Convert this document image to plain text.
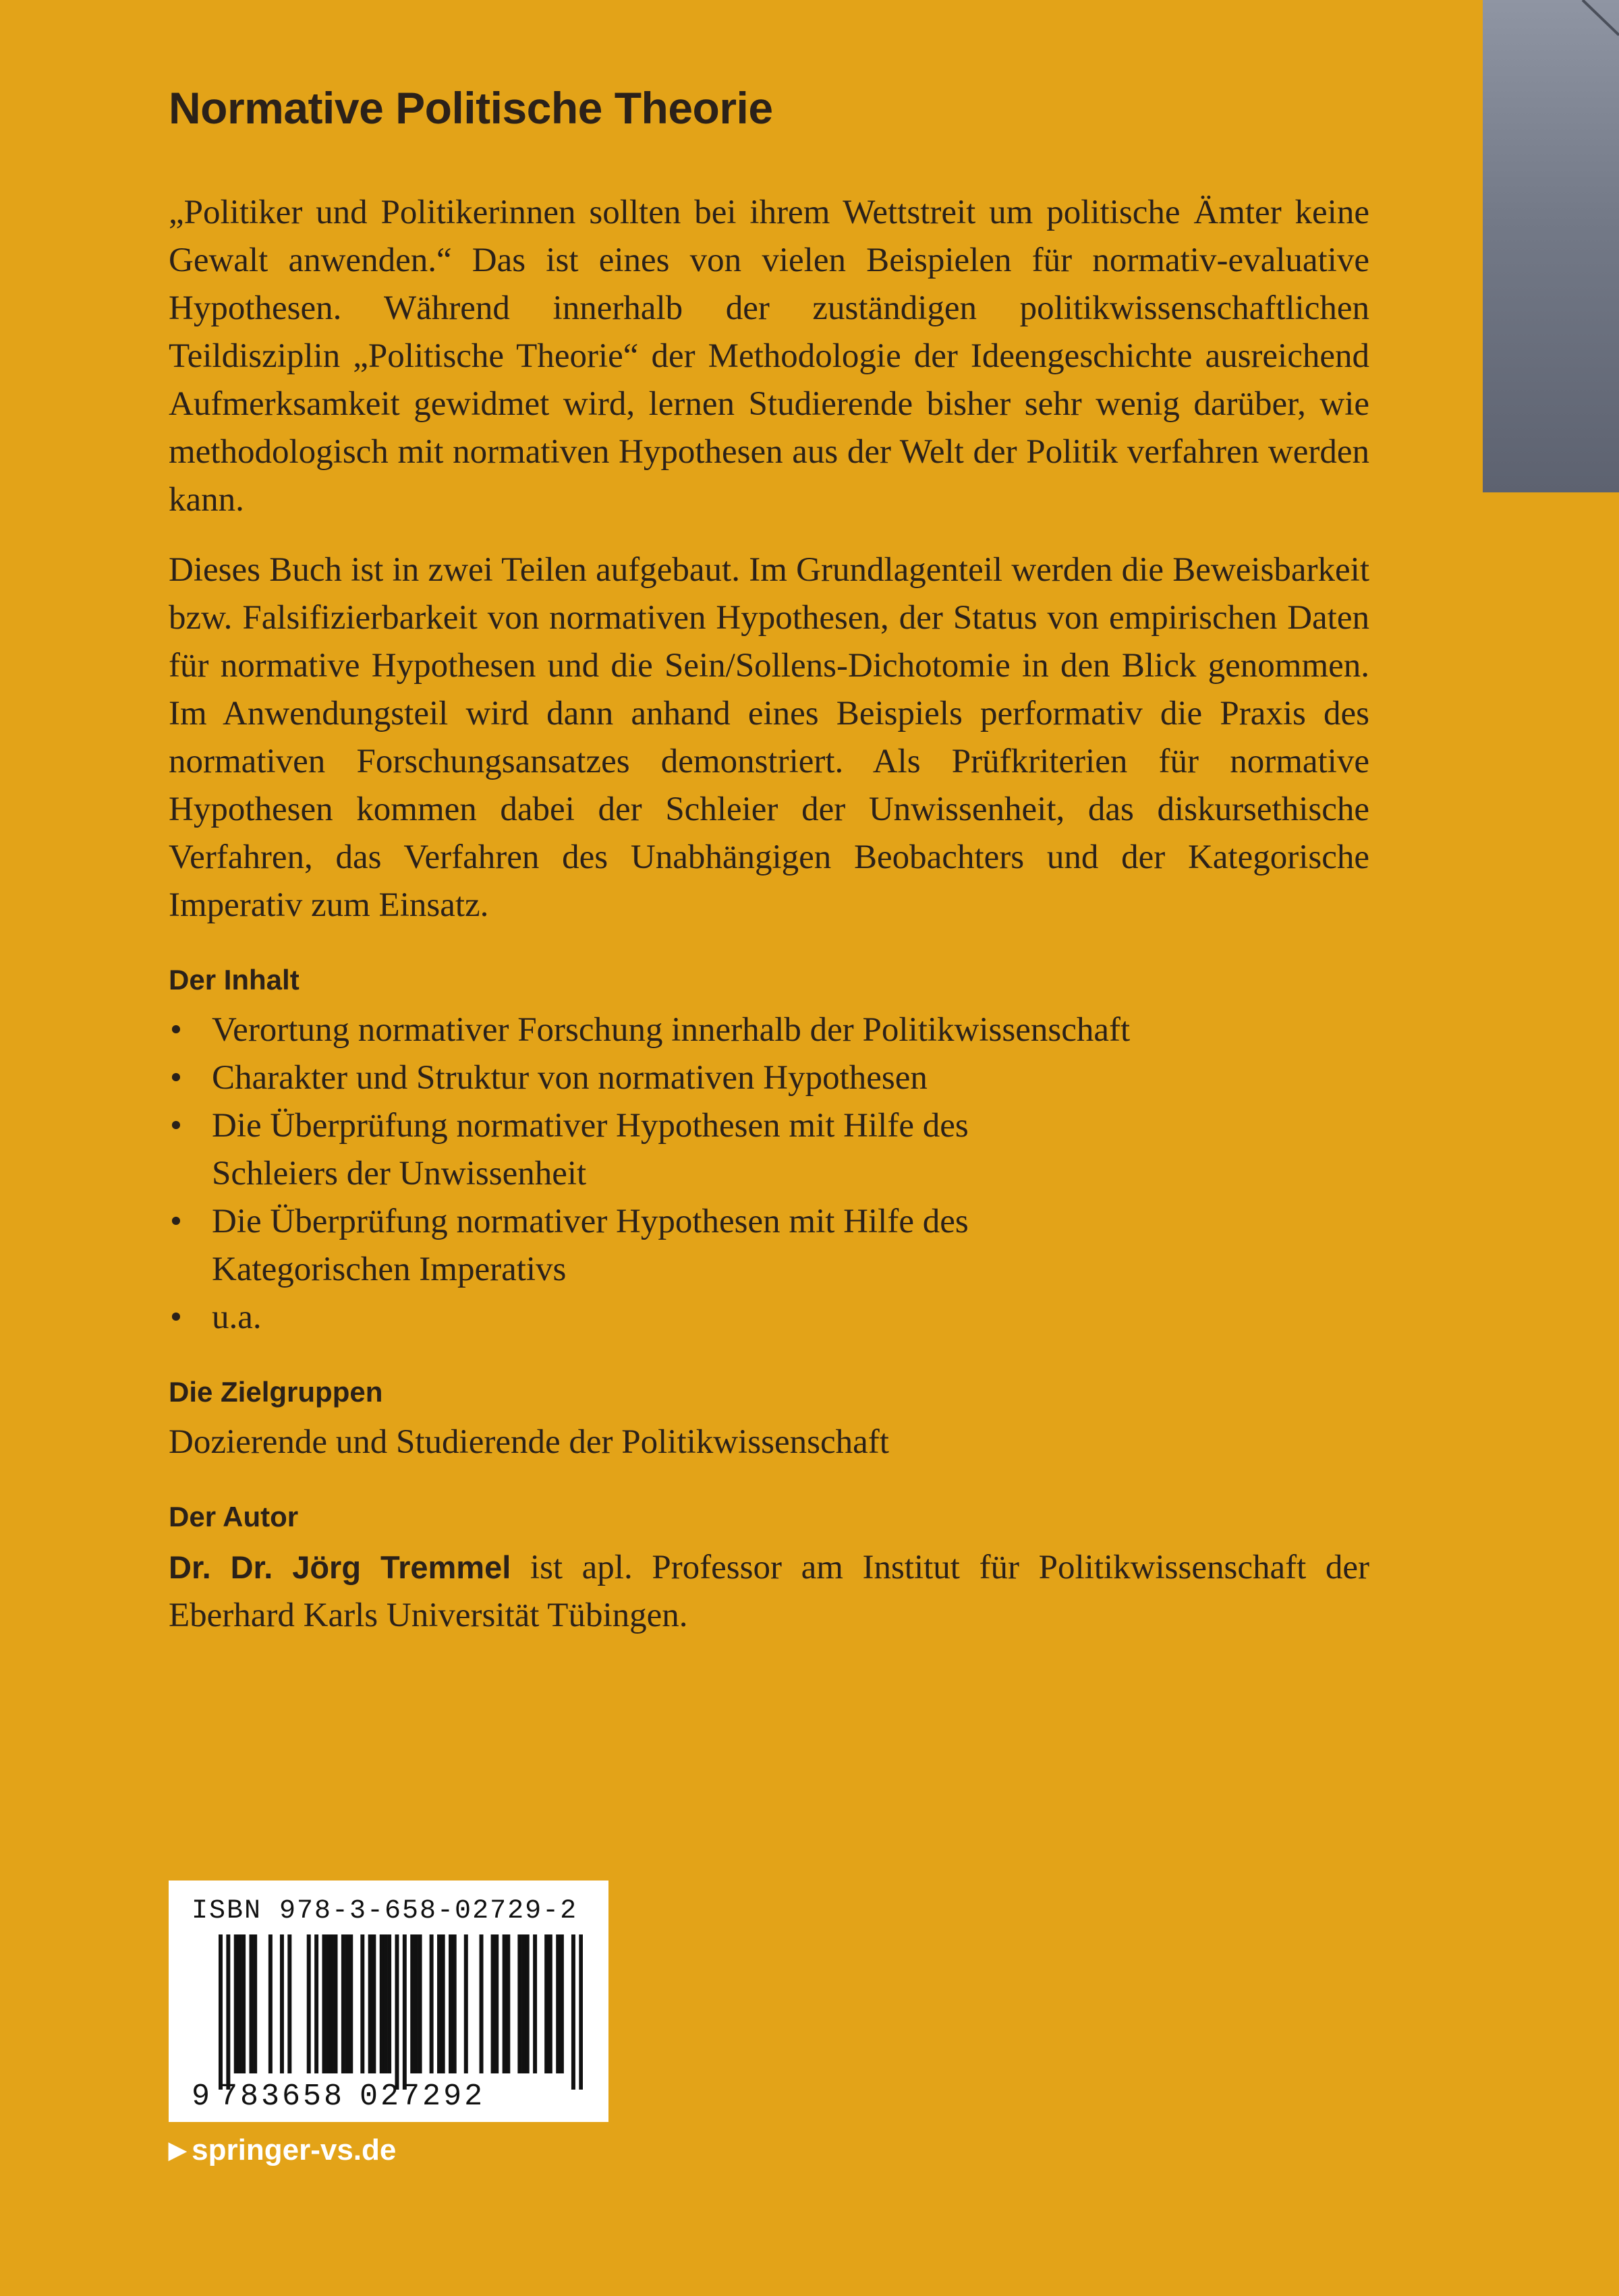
Normative Politische Theorie

„Politiker und Politikerinnen sollten bei ihrem Wettstreit um politische Ämter keine Gewalt anwenden.“ Das ist eines von vielen Beispielen für normativ-evaluative Hypothesen. Während innerhalb der zuständigen politikwissenschaftlichen Teildisziplin „Politische Theorie“ der Methodologie der Ideengeschichte ausreichend Aufmerksamkeit gewidmet wird, lernen Studierende bisher sehr wenig darüber, wie methodologisch mit normativen Hypothesen aus der Welt der Politik verfahren werden kann.

Dieses Buch ist in zwei Teilen aufgebaut. Im Grundlagenteil werden die Beweisbarkeit bzw. Falsifizierbarkeit von normativen Hypothesen, der Status von empirischen Daten für normative Hypothesen und die Sein/Sollens-Dichotomie in den Blick genommen. Im Anwendungsteil wird dann anhand eines Beispiels performativ die Praxis des normativen Forschungsansatzes demonstriert. Als Prüfkriterien für normative Hypothesen kommen dabei der Schleier der Unwissenheit, das diskursethische Verfahren, das Verfahren des Unabhängigen Beobachters und der Kategorische Imperativ zum Einsatz.

Der Inhalt
• Verortung normativer Forschung innerhalb der Politikwissenschaft
• Charakter und Struktur von normativen Hypothesen
• Die Überprüfung normativer Hypothesen mit Hilfe des Schleiers der Unwissenheit
• Die Überprüfung normativer Hypothesen mit Hilfe des Kategorischen Imperativs
• u.a.
Die Zielgruppen

Dozierende und Studierende der Politikwissenschaft

Der Autor

Dr. Dr. Jörg Tremmel ist apl. Professor am Institut für Politikwissenschaft der Eberhard Karls Universität Tübingen.

ISBN 978-3-658-02729-2
9 783658 027292
▶ springer-vs.de
